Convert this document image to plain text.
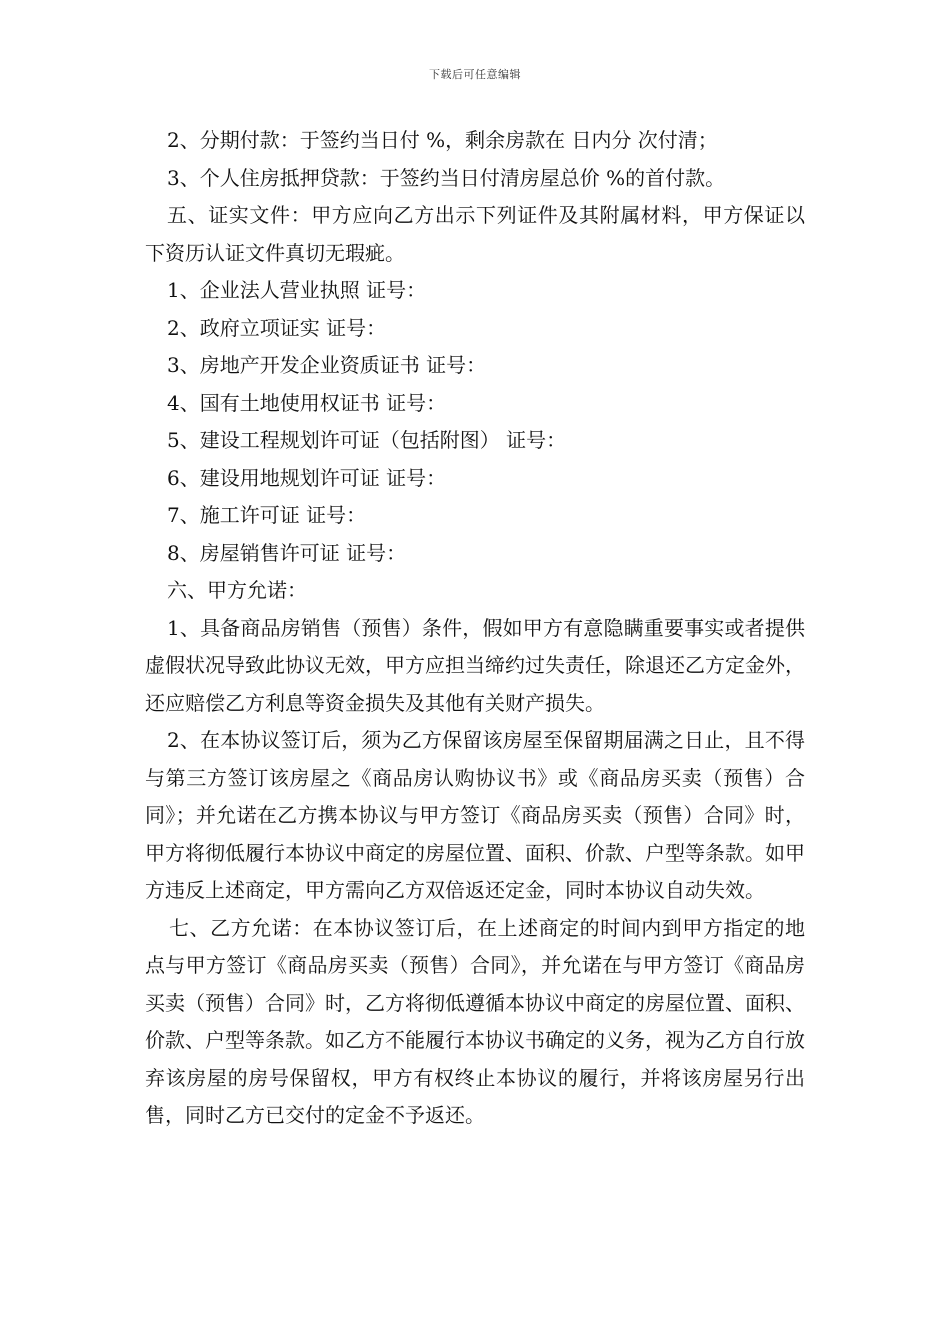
下载后可任意编辑

2、分期付款：于签约当日付 %，剩余房款在 日内分 次付清；

3、个人住房抵押贷款：于签约当日付清房屋总价 %的首付款。

五、证实文件：甲方应向乙方出示下列证件及其附属材料，甲方保证以下资历认证文件真切无瑕疵。

1、企业法人营业执照 证号：

2、政府立项证实 证号：

3、房地产开发企业资质证书 证号：

4、国有土地使用权证书 证号：

5、建设工程规划许可证（包括附图） 证号：

6、建设用地规划许可证 证号：

7、施工许可证 证号：

8、房屋销售许可证 证号：

六、甲方允诺：

1、具备商品房销售（预售）条件，假如甲方有意隐瞒重要事实或者提供虚假状况导致此协议无效，甲方应担当缔约过失责任，除退还乙方定金外，还应赔偿乙方利息等资金损失及其他有关财产损失。

2、在本协议签订后，须为乙方保留该房屋至保留期届满之日止，且不得与第三方签订该房屋之《商品房认购协议书》或《商品房买卖（预售）合同》；并允诺在乙方携本协议与甲方签订《商品房买卖（预售）合同》时，甲方将彻低履行本协议中商定的房屋位置、面积、价款、户型等条款。如甲方违反上述商定，甲方需向乙方双倍返还定金，同时本协议自动失效。

七、乙方允诺：在本协议签订后，在上述商定的时间内到甲方指定的地点与甲方签订《商品房买卖（预售）合同》，并允诺在与甲方签订《商品房买卖（预售）合同》时，乙方将彻低遵循本协议中商定的房屋位置、面积、价款、户型等条款。如乙方不能履行本协议书确定的义务，视为乙方自行放弃该房屋的房号保留权，甲方有权终止本协议的履行，并将该房屋另行出售，同时乙方已交付的定金不予返还。
